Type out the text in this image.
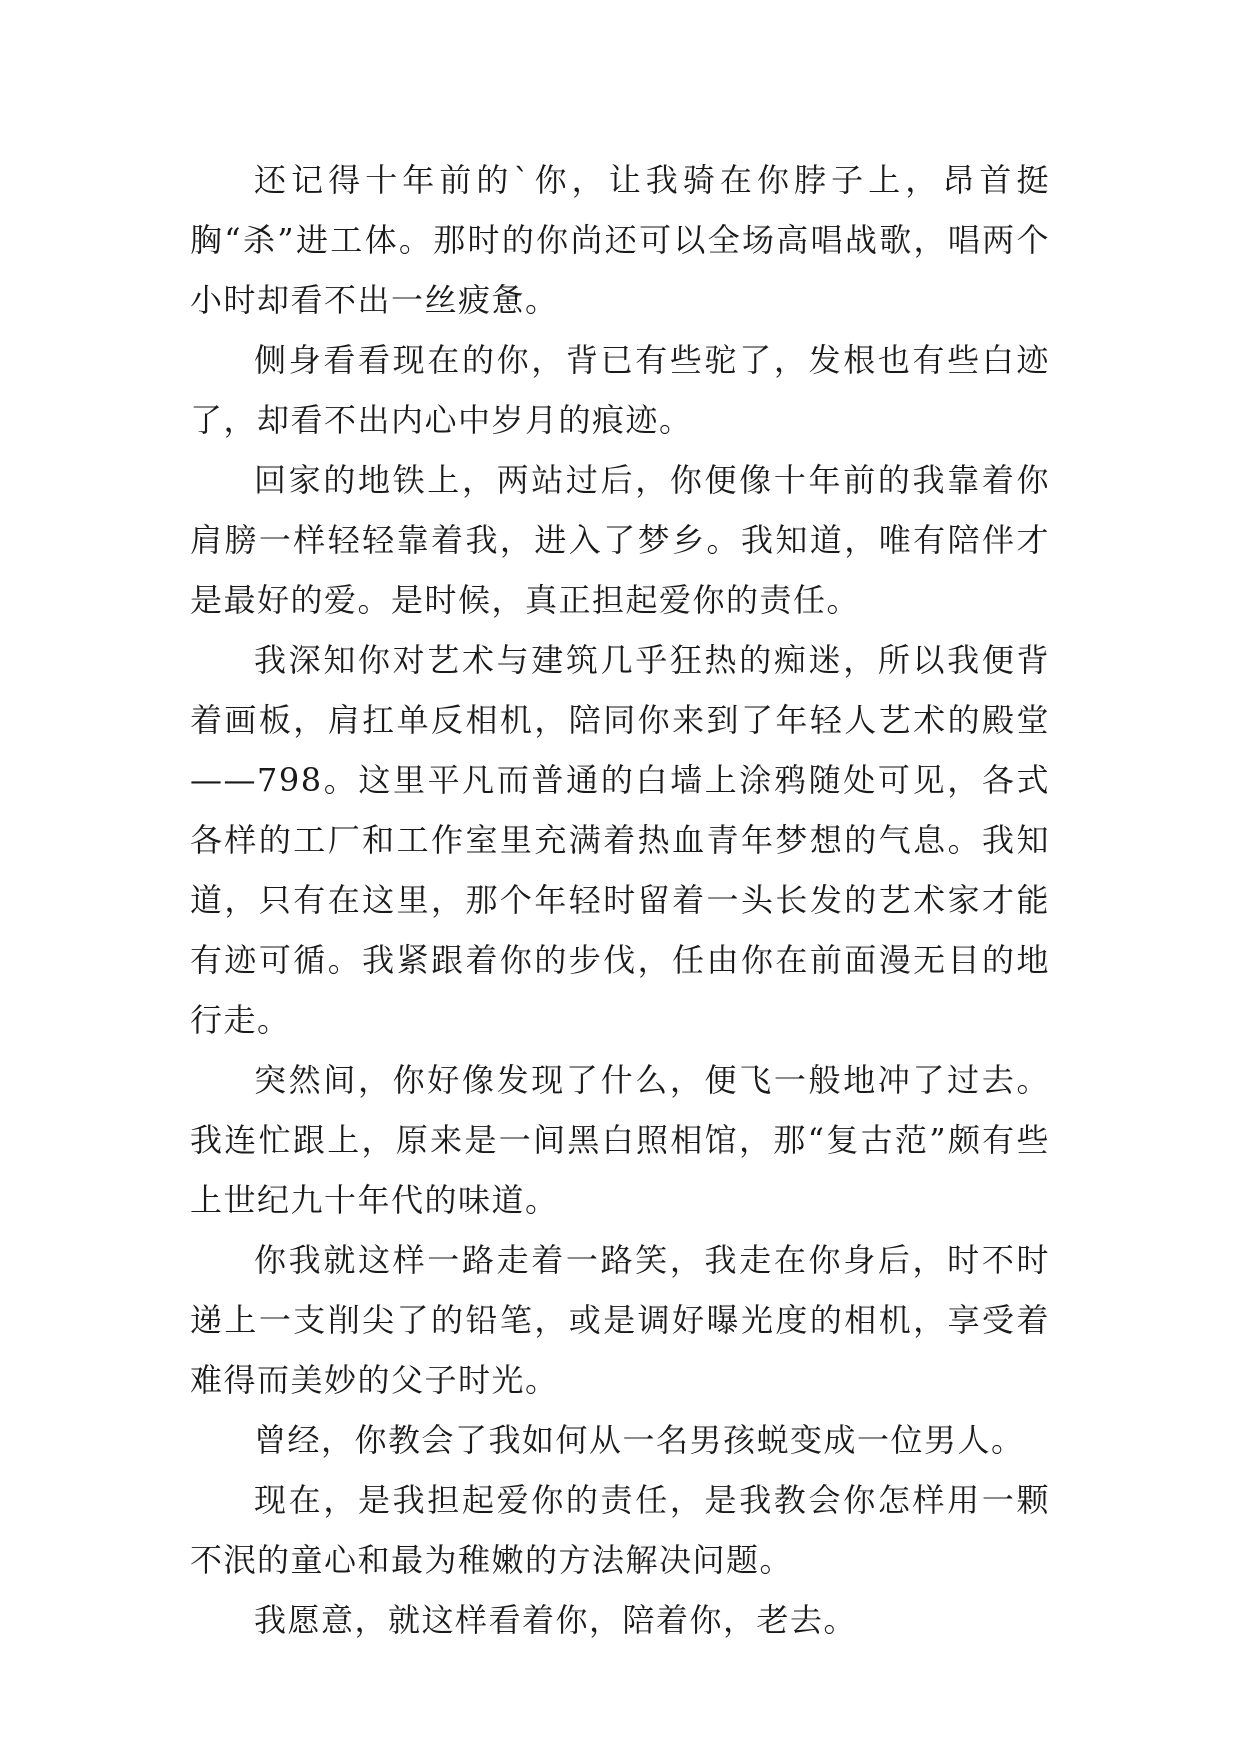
还记得十年前的`你，让我骑在你脖子上，昂首挺胸“杀”进工体。那时的你尚还可以全场高唱战歌，唱两个小时却看不出一丝疲惫。

侧身看看现在的你，背已有些驼了，发根也有些白迹了，却看不出内心中岁月的痕迹。

回家的地铁上，两站过后，你便像十年前的我靠着你肩膀一样轻轻靠着我，进入了梦乡。我知道，唯有陪伴才是最好的爱。是时候，真正担起爱你的责任。

我深知你对艺术与建筑几乎狂热的痴迷，所以我便背着画板，肩扛单反相机，陪同你来到了年轻人艺术的殿堂——798。这里平凡而普通的白墙上涂鸦随处可见，各式各样的工厂和工作室里充满着热血青年梦想的气息。我知道，只有在这里，那个年轻时留着一头长发的艺术家才能有迹可循。我紧跟着你的步伐，任由你在前面漫无目的地行走。

突然间，你好像发现了什么，便飞一般地冲了过去。我连忙跟上，原来是一间黑白照相馆，那“复古范”颇有些上世纪九十年代的味道。

你我就这样一路走着一路笑，我走在你身后，时不时递上一支削尖了的铅笔，或是调好曝光度的相机，享受着难得而美妙的父子时光。

曾经，你教会了我如何从一名男孩蜕变成一位男人。

现在，是我担起爱你的责任，是我教会你怎样用一颗不泯的童心和最为稚嫩的方法解决问题。

我愿意，就这样看着你，陪着你，老去。
